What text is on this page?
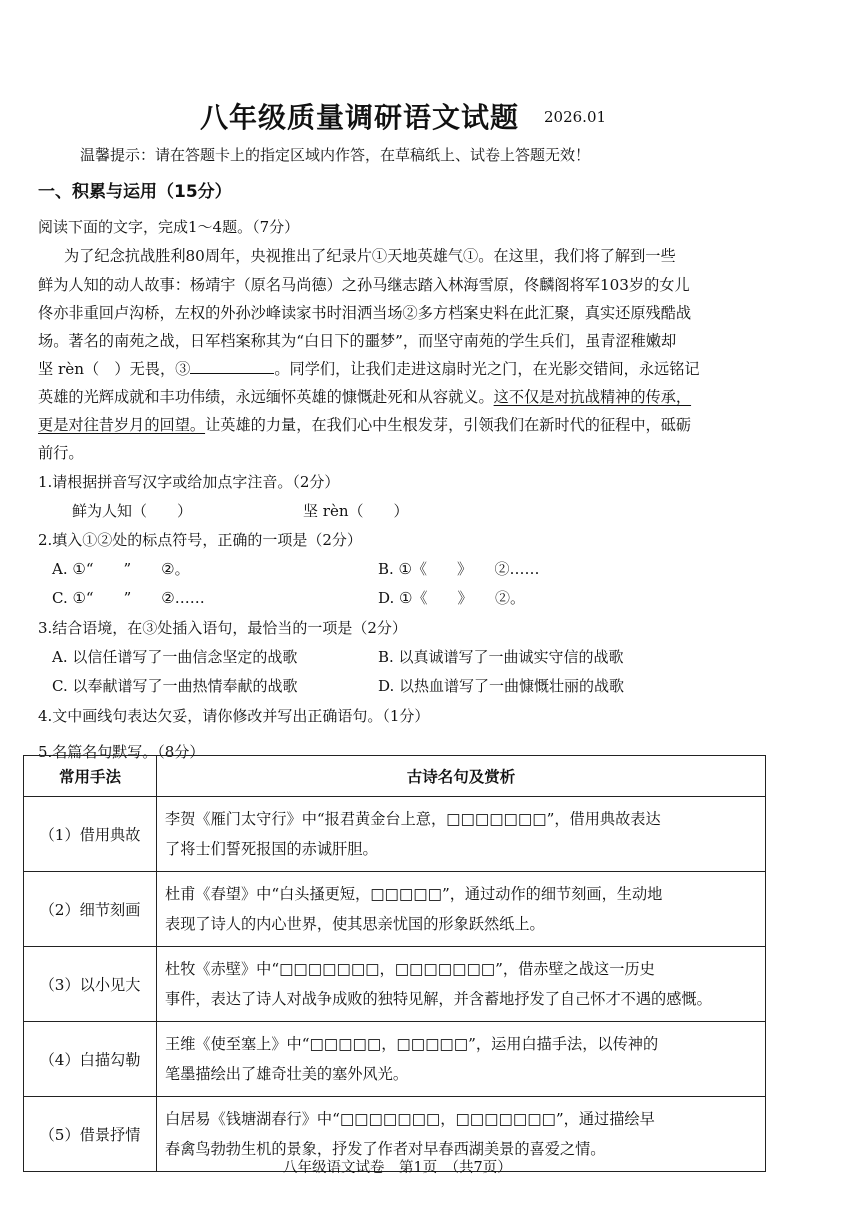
八年级质量调研语文试题 2026.01
温馨提示：请在答题卡上的指定区域内作答，在草稿纸上、试卷上答题无效！
一、积累与运用（15分）
阅读下面的文字，完成1～4题。（7分）
为了纪念抗战胜利80周年，央视推出了纪录片①天地英雄气①。在这里，我们将了解到一些
鲜为人知的动人故事：杨靖宇（原名马尚德）之孙马继志踏入林海雪原，佟麟阁将军103岁的女儿
佟亦非重回卢沟桥，左权的外孙沙峰读家书时泪洒当场②多方档案史料在此汇聚，真实还原残酷战
场。著名的南苑之战，日军档案称其为“白日下的噩梦”，而坚守南苑的学生兵们，虽青涩稚嫩却
坚 rèn（　）无畏，③	。同学们，让我们走进这扇时光之门，在光影交错间，永远铭记
英雄的光辉成就和丰功伟绩，永远缅怀英雄的慷慨赴死和从容就义。这不仅是对抗战精神的传承，
更是对往昔岁月的回望。让英雄的力量，在我们心中生根发芽，引领我们在新时代的征程中，砥砺
前行。
1.请根据拼音写汉字或给加点字注音。（2分）
鲜为人知（　　）	坚 rèn（　　）
2.填入①②处的标点符号，正确的一项是（2分）
A. ①“　　”　　②。	B. ①《　　》　　②……
C. ①“　　”　　②……	D. ①《　　》　　②。
3.结合语境，在③处插入语句，最恰当的一项是（2分）
A. 以信任谱写了一曲信念坚定的战歌	B. 以真诚谱写了一曲诚实守信的战歌
C. 以奉献谱写了一曲热情奉献的战歌	D. 以热血谱写了一曲慷慨壮丽的战歌
4.文中画线句表达欠妥，请你修改并写出正确语句。（1分）
5.名篇名句默写。（8分）
常用手法	古诗名句及赏析
（1）借用典故	李贺《雁门太守行》中“报君黄金台上意，□□□□□□□”，借用典故表达
了将士们誓死报国的赤诚肝胆。

（2）细节刻画	杜甫《春望》中“白头搔更短，□□□□□”，通过动作的细节刻画，生动地
表现了诗人的内心世界，使其思亲忧国的形象跃然纸上。

（3）以小见大	杜牧《赤壁》中“□□□□□□□，□□□□□□□”，借赤壁之战这一历史
事件，表达了诗人对战争成败的独特见解，并含蓄地抒发了自己怀才不遇的感慨。

（4）白描勾勒	王维《使至塞上》中“□□□□□，□□□□□”，运用白描手法，以传神的
笔墨描绘出了雄奇壮美的塞外风光。

（5）借景抒情	白居易《钱塘湖春行》中“□□□□□□□，□□□□□□□”，通过描绘早
春禽鸟勃勃生机的景象，抒发了作者对早春西湖美景的喜爱之情。
八年级语文试卷　第1页　（共7页）
